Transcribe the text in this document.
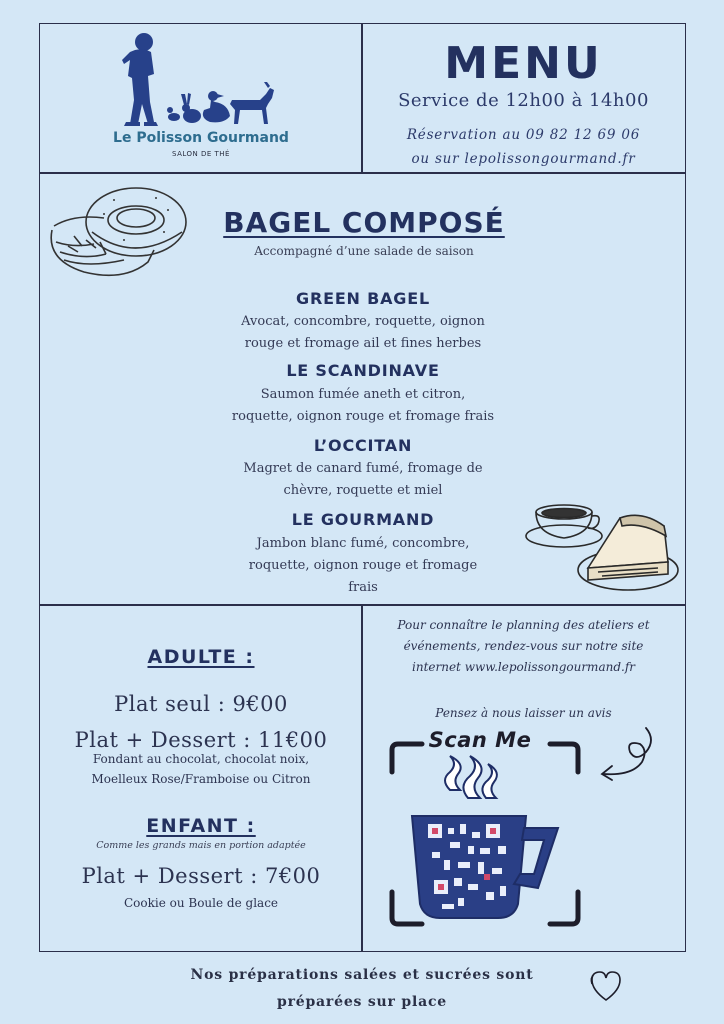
Le Polisson Gourmand
SALON DE THÉ
MENU
Service de 12h00 à 14h00
Réservation au 09 82 12 69 06
ou sur lepolissongourmand.fr
BAGEL COMPOSÉ
Accompagné d’une salade de saison
GREEN BAGEL
Avocat, concombre, roquette, oignon
rouge et fromage ail et fines herbes
LE SCANDINAVE
Saumon fumée aneth et citron,
roquette, oignon rouge et fromage frais
L’OCCITAN
Magret de canard fumé, fromage de
chèvre, roquette et miel
LE GOURMAND
Jambon blanc fumé, concombre,
roquette, oignon rouge et fromage
frais
ADULTE :
Plat seul : 9€00
Plat + Dessert : 11€00
Fondant au chocolat, chocolat noix,
Moelleux Rose/Framboise ou Citron
ENFANT :
Comme les grands mais en portion adaptée
Plat + Dessert : 7€00
Cookie ou Boule de glace
Pour connaître le planning des ateliers et
événements, rendez-vous sur notre site
internet www.lepolissongourmand.fr
Pensez à nous laisser un avis
Scan Me
Nos préparations salées et sucrées sont
préparées sur place
